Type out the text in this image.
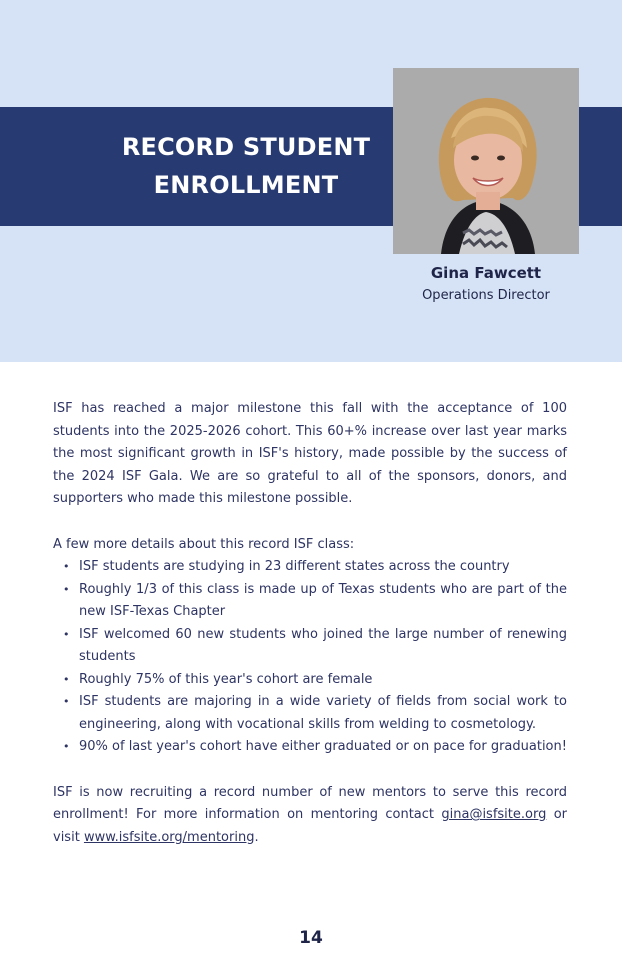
RECORD STUDENT
ENROLLMENT
Gina Fawcett
Operations Director

ISF has reached a major milestone this fall with the acceptance of 100 students into the 2025-2026 cohort. This 60+% increase over last year marks the most significant growth in ISF's history, made possible by the success of the 2024 ISF Gala. We are so grateful to all of the sponsors, donors, and supporters who made this milestone possible.

A few more details about this record ISF class:

• ISF students are studying in 23 different states across the country
• Roughly 1/3 of this class is made up of Texas students who are part of the new ISF-Texas Chapter
• ISF welcomed 60 new students who joined the large number of renewing students
• Roughly 75% of this year's cohort are female
• ISF students are majoring in a wide variety of fields from social work to engineering, along with vocational skills from welding to cosmetology.
• 90% of last year's cohort have either graduated or on pace for graduation!

ISF is now recruiting a record number of new mentors to serve this record enrollment! For more information on mentoring contact gina@isfsite.org or visit www.isfsite.org/mentoring.

14
